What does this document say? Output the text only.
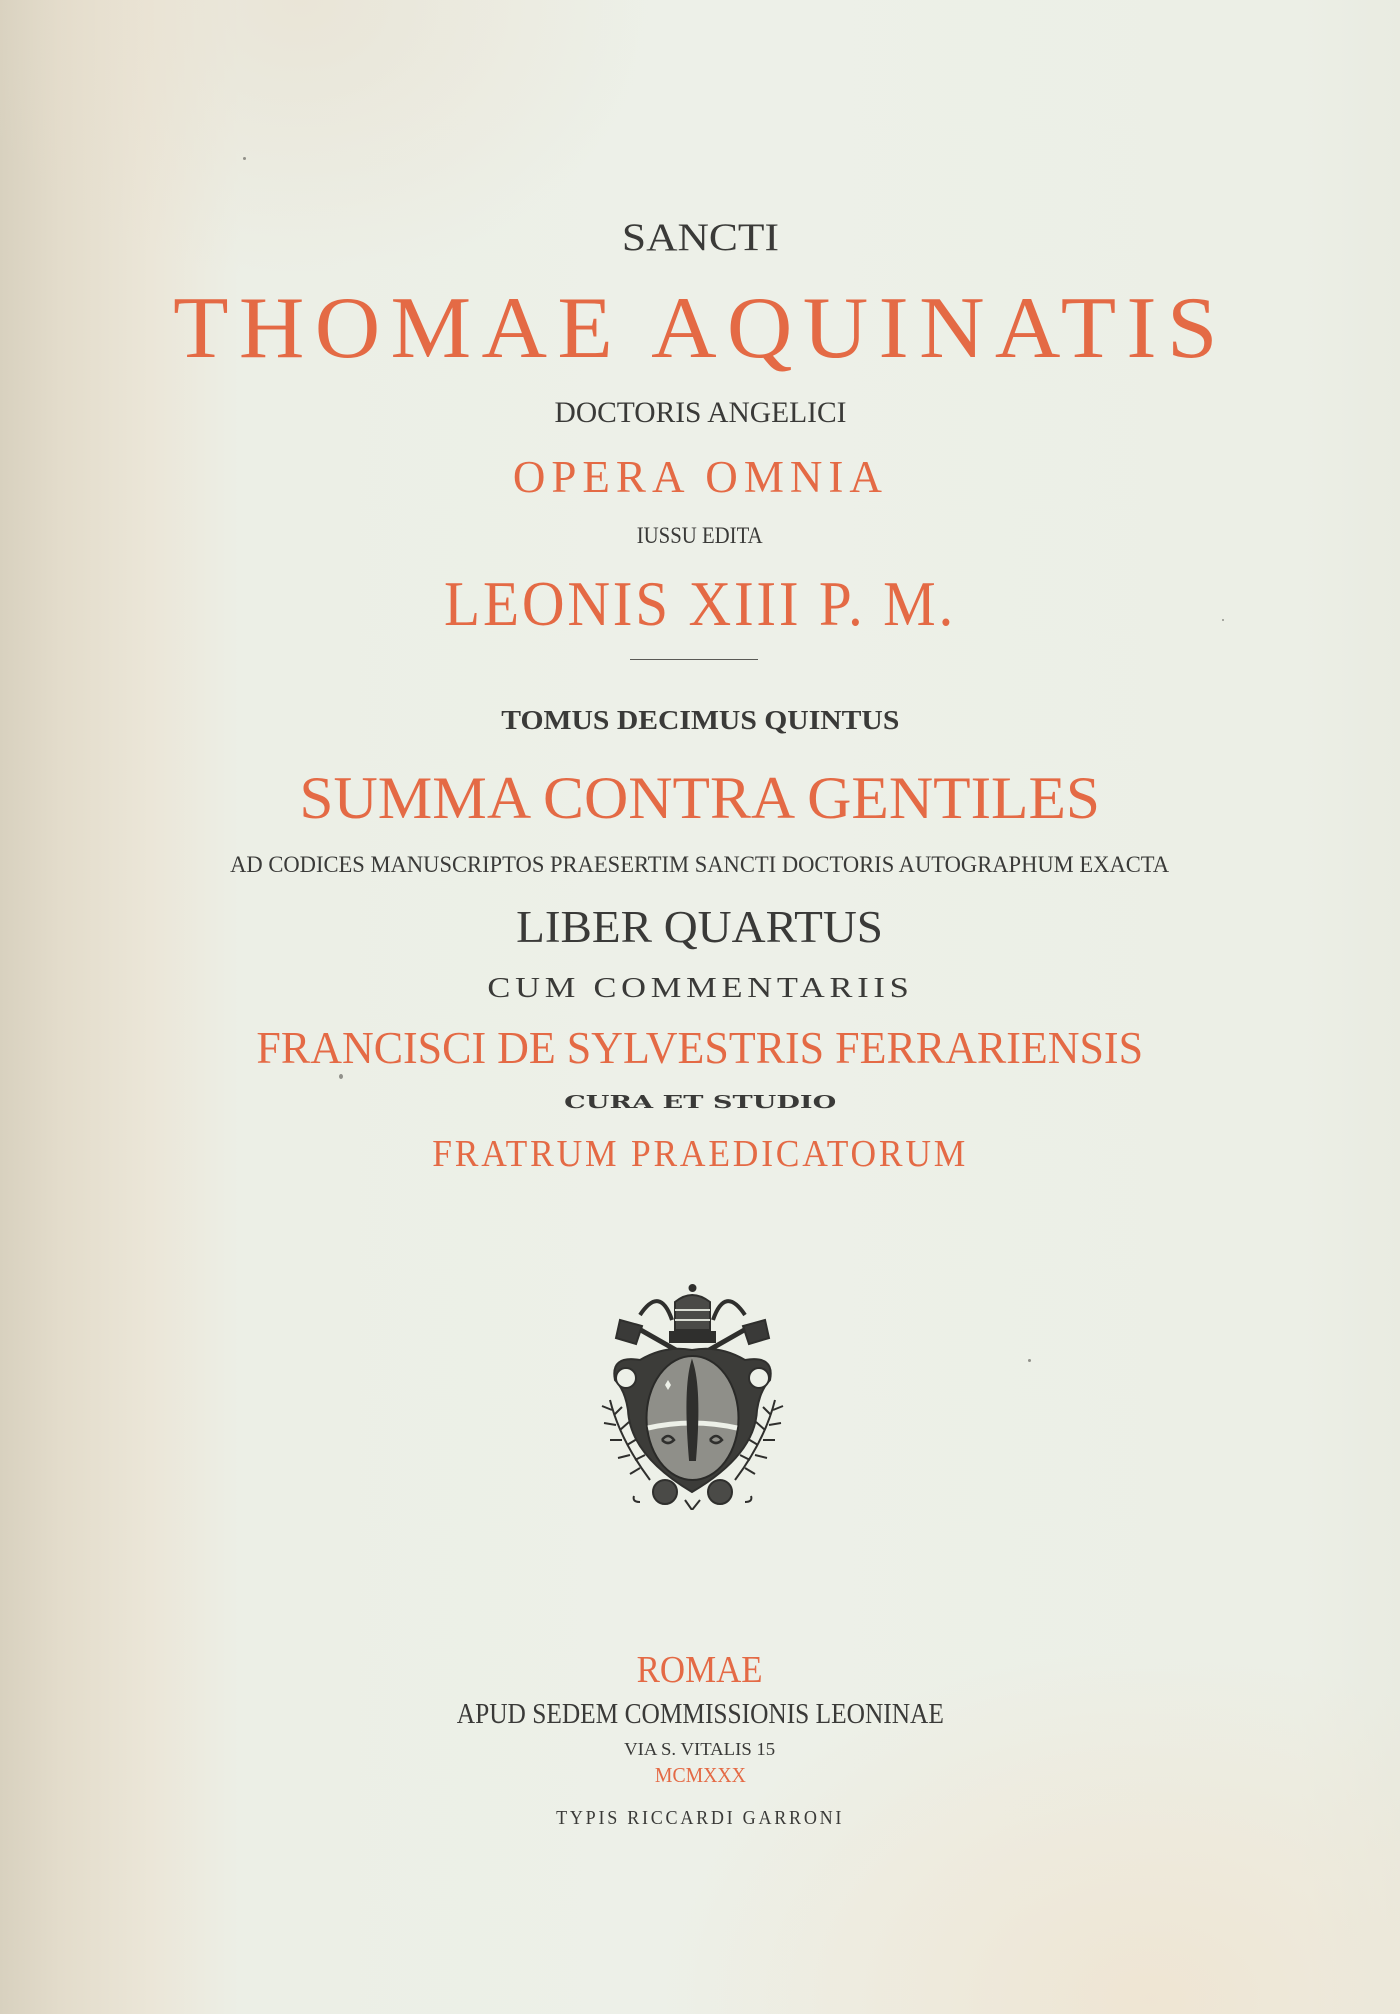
SANCTI
THOMAE AQUINATIS
DOCTORIS ANGELICI
OPERA OMNIA
IUSSU EDITA
LEONIS XIII P. M.
TOMUS DECIMUS QUINTUS
SUMMA CONTRA GENTILES
AD CODICES MANUSCRIPTOS PRAESERTIM SANCTI DOCTORIS AUTOGRAPHUM EXACTA
LIBER QUARTUS
CUM COMMENTARIIS
FRANCISCI DE SYLVESTRIS FERRARIENSIS
CURA ET STUDIO
FRATRUM PRAEDICATORUM
ROMAE
APUD SEDEM COMMISSIONIS LEONINAE
VIA S. VITALIS 15
MCMXXX
TYPIS RICCARDI GARRONI
